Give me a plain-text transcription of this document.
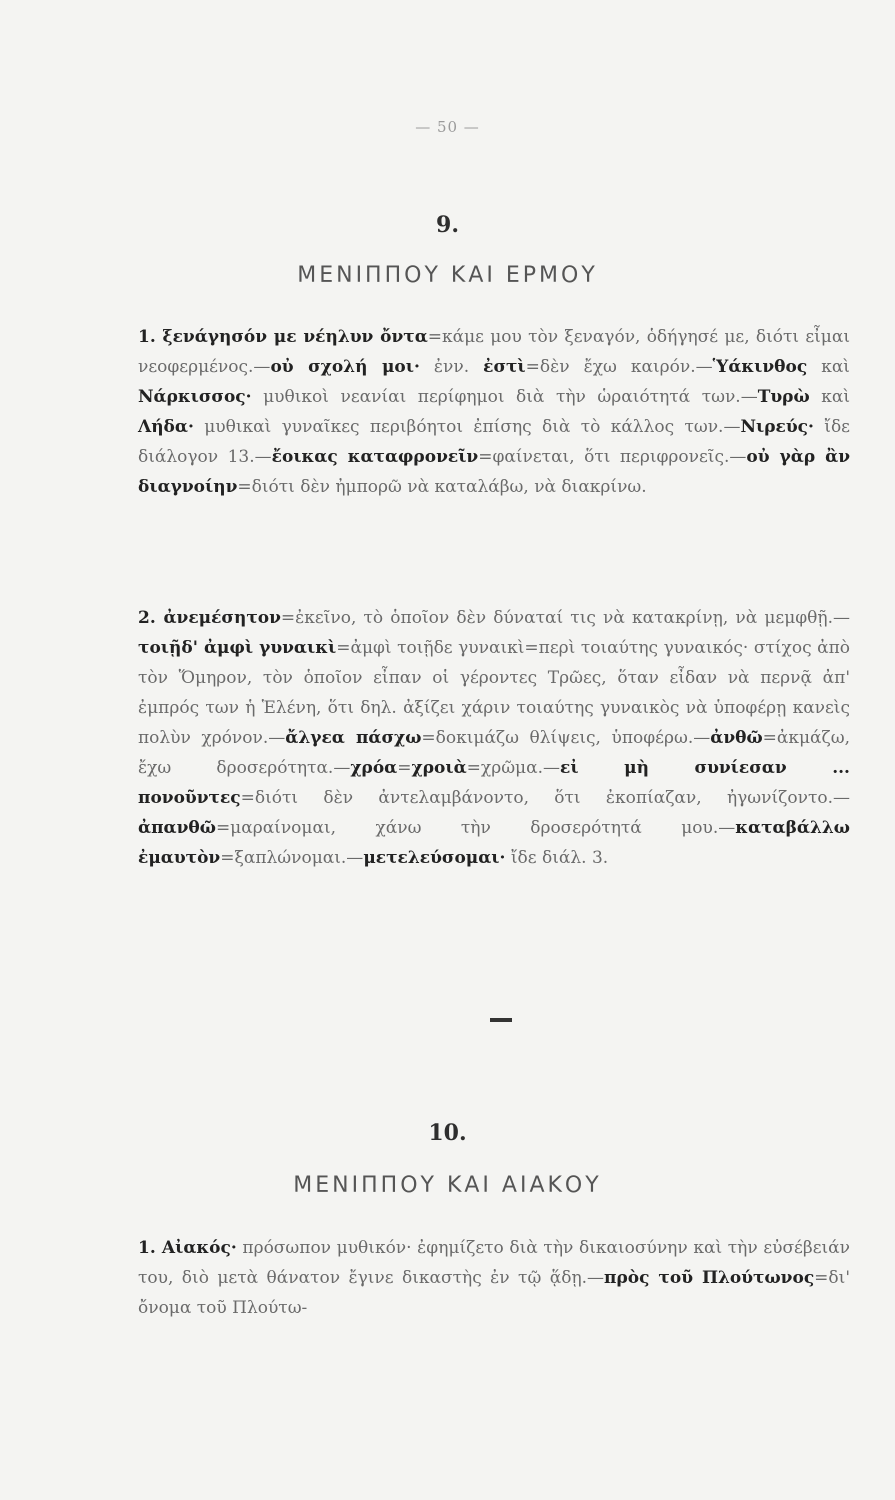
— 50 —
9.
ΜΕΝΙΠΠΟΥ ΚΑΙ ΕΡΜΟΥ
1. ξενάγησόν με νέηλυν ὄντα=κάμε μου τὸν ξεναγόν, ὁδήγησέ με, διότι εἶμαι νεοφερμένος.—οὐ σχολή μοι· ἐνν. ἐστὶ=δὲν ἔχω καιρόν.—Ὑάκινθος καὶ Νάρκισσος· μυθικοὶ νεανίαι περίφημοι διὰ τὴν ὡραιότητά των.—Τυρὼ καὶ Λήδα· μυθικαὶ γυναῖκες περιβόητοι ἐπίσης διὰ τὸ κάλλος των.—Νιρεύς· ἴδε διάλογον 13.—ἔοικας καταφρονεῖν=φαίνεται, ὅτι περιφρονεῖς.—οὐ γὰρ ἂν διαγνοίην=διότι δὲν ἠμπορῶ νὰ καταλάβω, νὰ διακρίνω.
2. ἀνεμέσητον=ἐκεῖνο, τὸ ὁποῖον δὲν δύναταί τις νὰ κατακρίνῃ, νὰ μεμφθῇ.—τοιῇδ' ἀμφὶ γυναικὶ=ἀμφὶ τοιῇδε γυναικὶ=περὶ τοιαύτης γυναικός· στίχος ἀπὸ τὸν Ὅμηρον, τὸν ὁποῖον εἶπαν οἱ γέροντες Τρῶες, ὅταν εἶδαν νὰ περνᾷ ἀπ' ἐμπρός των ἡ Ἑλένη, ὅτι δηλ. ἀξίζει χάριν τοιαύτης γυναικὸς νὰ ὑποφέρῃ κανεὶς πολὺν χρόνον.—ἄλγεα πάσχω=δοκιμάζω θλίψεις, ὑποφέρω.—ἀνθῶ=ἀκμάζω, ἔχω δροσερότητα.—χρόα=χροιὰ=χρῶμα.—εἰ μὴ συνίεσαν ... πονοῦντες=διότι δὲν ἀντελαμβάνοντο, ὅτι ἐκοπίαζαν, ἠγωνίζοντο.—ἀπανθῶ=μαραίνομαι, χάνω τὴν δροσερότητά μου.—καταβάλλω ἐμαυτὸν=ξαπλώνομαι.—μετελεύσομαι· ἴδε διάλ. 3.
10.
ΜΕΝΙΠΠΟΥ ΚΑΙ ΑΙΑΚΟΥ
1. Αἰακός· πρόσωπον μυθικόν· ἐφημίζετο διὰ τὴν δικαιοσύνην καὶ τὴν εὐσέβειάν του, διὸ μετὰ θάνατον ἔγινε δικαστὴς ἐν τῷ ᾅδῃ.—πρὸς τοῦ Πλούτωνος=δι' ὄνομα τοῦ Πλούτω-
